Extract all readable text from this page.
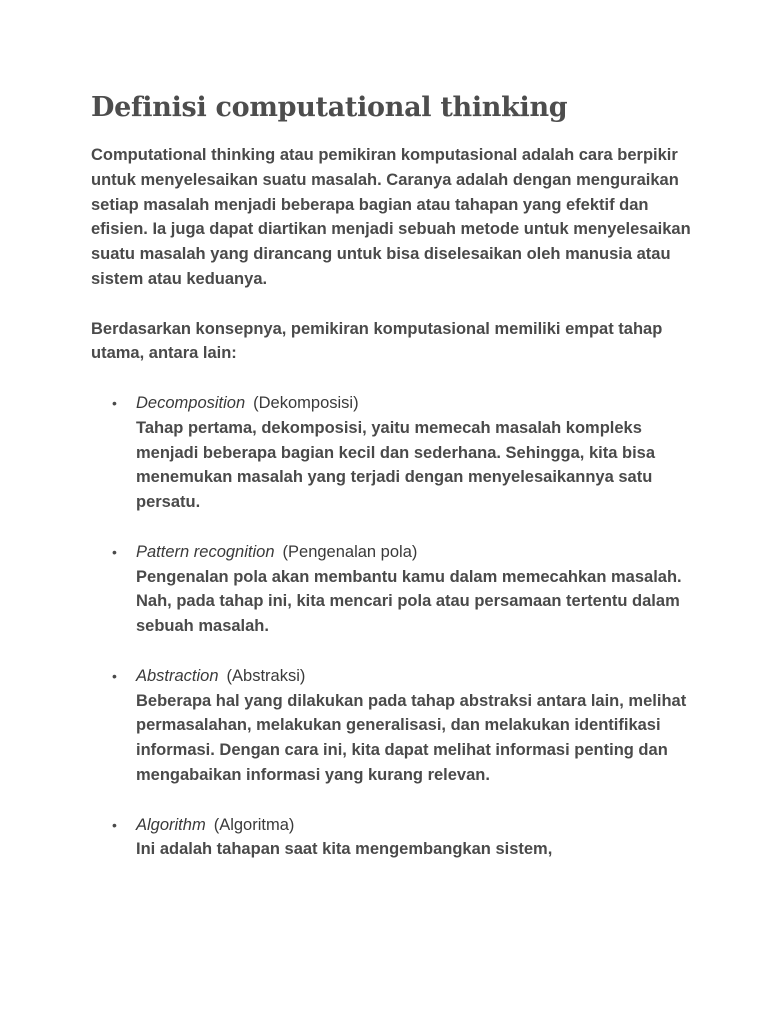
Definisi computational thinking

Computational thinking atau pemikiran komputasional adalah cara berpikir untuk menyelesaikan suatu masalah. Caranya adalah dengan menguraikan setiap masalah menjadi beberapa bagian atau tahapan yang efektif dan efisien. Ia juga dapat diartikan menjadi sebuah metode untuk menyelesaikan suatu masalah yang dirancang untuk bisa diselesaikan oleh manusia atau sistem atau keduanya.

Berdasarkan konsepnya, pemikiran komputasional memiliki empat tahap utama, antara lain:

• Decomposition (Dekomposisi)
Tahap pertama, dekomposisi, yaitu memecah masalah kompleks menjadi beberapa bagian kecil dan sederhana. Sehingga, kita bisa menemukan masalah yang terjadi dengan menyelesaikannya satu persatu.
• Pattern recognition (Pengenalan pola)
Pengenalan pola akan membantu kamu dalam memecahkan masalah. Nah, pada tahap ini, kita mencari pola atau persamaan tertentu dalam sebuah masalah.
• Abstraction (Abstraksi)
Beberapa hal yang dilakukan pada tahap abstraksi antara lain, melihat permasalahan, melakukan generalisasi, dan melakukan identifikasi informasi. Dengan cara ini, kita dapat melihat informasi penting dan mengabaikan informasi yang kurang relevan.
• Algorithm (Algoritma)
Ini adalah tahapan saat kita mengembangkan sistem,
